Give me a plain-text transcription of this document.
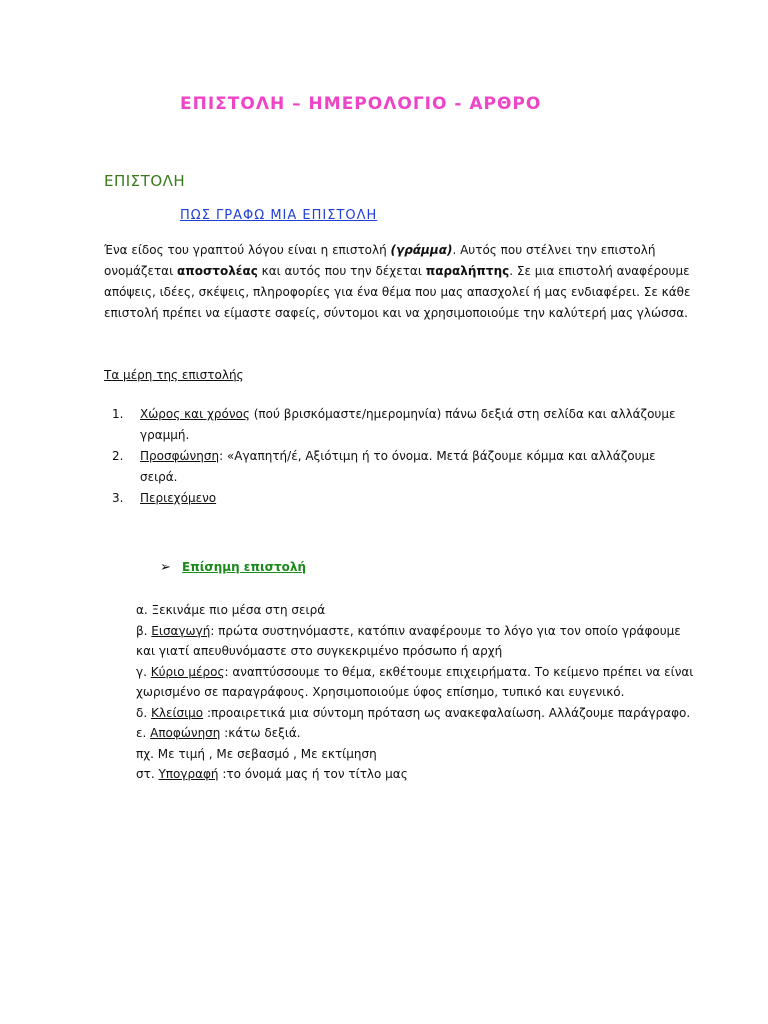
ΕΠΙΣΤΟΛΗ – ΗΜΕΡΟΛΟΓΙΟ - ΑΡΘΡΟ
ΕΠΙΣΤΟΛΗ
ΠΩΣ ΓΡΑΦΩ ΜΙΑ ΕΠΙΣΤΟΛΗ
Ένα είδος του γραπτού λόγου είναι η επιστολή (γράμμα). Αυτός που στέλνει την επιστολή ονομάζεται αποστολέας και αυτός που την δέχεται παραλήπτης. Σε μια επιστολή αναφέρουμε απόψεις, ιδέες, σκέψεις, πληροφορίες για ένα θέμα που μας απασχολεί ή μας ενδιαφέρει. Σε κάθε επιστολή πρέπει να είμαστε σαφείς, σύντομοι και να χρησιμοποιούμε την καλύτερή μας γλώσσα.
Τα μέρη της επιστολής
1.	Χώρος και χρόνος (πού βρισκόμαστε/ημερομηνία) πάνω δεξιά στη σελίδα και αλλάζουμε γραμμή.
2.	Προσφώνηση: «Αγαπητή/έ, Αξιότιμη ή το όνομα. Μετά βάζουμε κόμμα και αλλάζουμε σειρά.
3.	Περιεχόμενο
➢ Επίσημη επιστολή
α. Ξεκινάμε πιο μέσα στη σειρά
β. Εισαγωγή: πρώτα συστηνόμαστε, κατόπιν αναφέρουμε το λόγο για τον οποίο γράφουμε και γιατί απευθυνόμαστε στο συγκεκριμένο πρόσωπο ή αρχή
γ. Κύριο μέρος: αναπτύσσουμε το θέμα, εκθέτουμε επιχειρήματα. Το κείμενο πρέπει να είναι χωρισμένο σε παραγράφους. Χρησιμοποιούμε ύφος επίσημο, τυπικό και ευγενικό.
δ. Κλείσιμο :προαιρετικά μια σύντομη πρόταση ως ανακεφαλαίωση. Αλλάζουμε παράγραφο.
ε. Αποφώνηση :κάτω δεξιά.
πχ. Με τιμή , Με σεβασμό , Με εκτίμηση
στ. Υπογραφή :το όνομά μας ή τον τίτλο μας
